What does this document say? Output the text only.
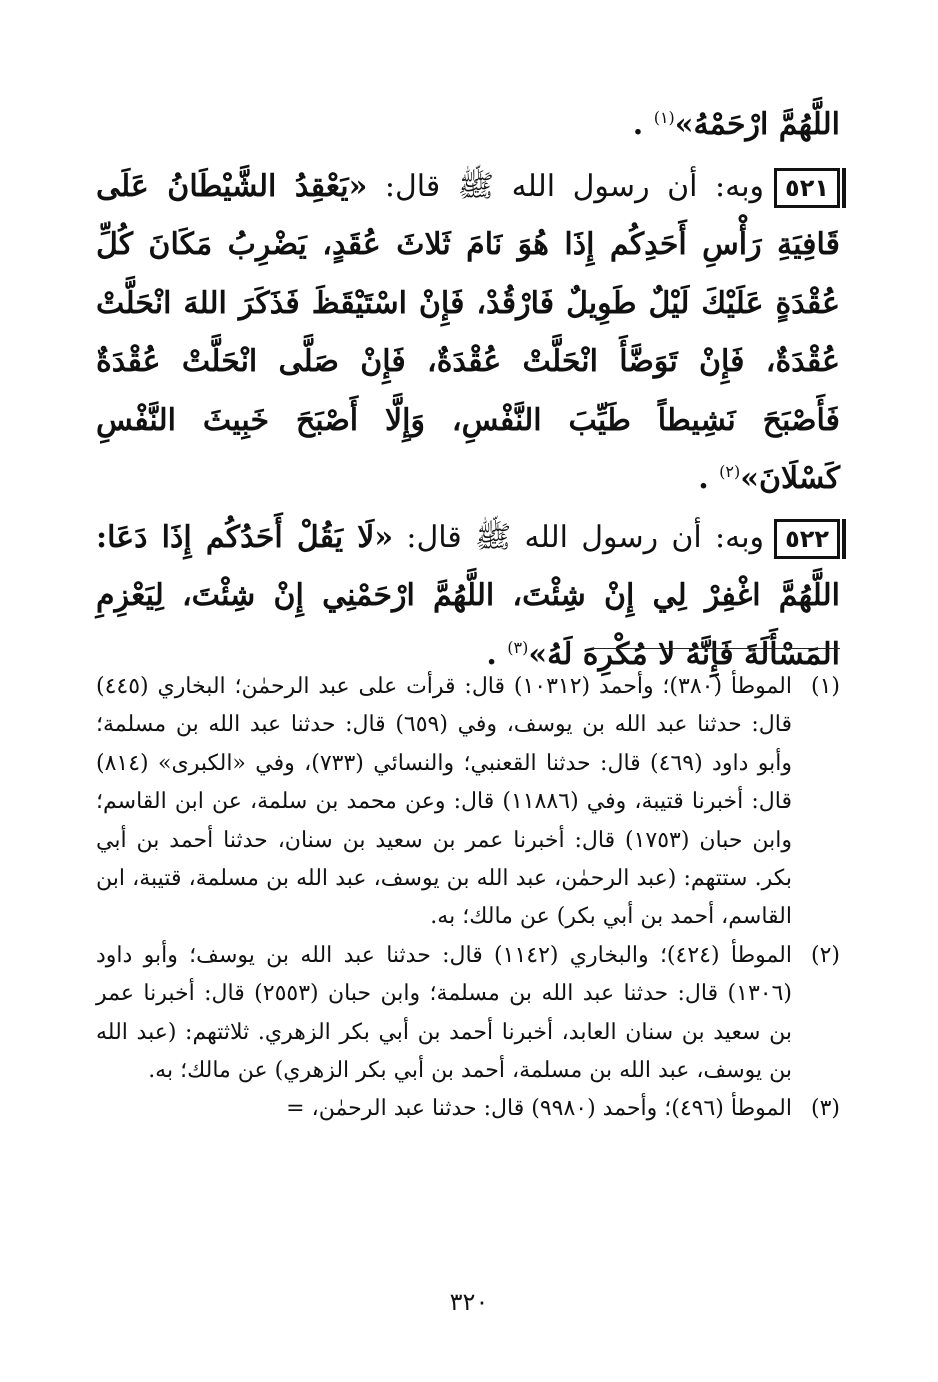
اللَّهُمَّ ارْحَمْهُ»$^{(١)}$ .

٥٢١وبه: أن رسول الله ﷺ قال: «يَعْقِدُ الشَّيْطَانُ عَلَى قَافِيَةِ رَأْسِ أَحَدِكُم إِذَا هُوَ نَامَ ثَلاثَ عُقَدٍ، يَضْرِبُ مَكَانَ كُلِّ عُقْدَةٍ عَلَيْكَ لَيْلٌ طَوِيلٌ فَارْقُدْ، فَإِنْ اسْتَيْقَظَ فَذَكَرَ اللهَ انْحَلَّتْ عُقْدَةٌ، فَإِنْ تَوَضَّأَ انْحَلَّتْ عُقْدَةٌ، فَإِنْ صَلَّى انْحَلَّتْ عُقْدَةٌ فَأَصْبَحَ نَشِيطاً طَيِّبَ النَّفْسِ، وَإِلَّا أَصْبَحَ خَبِيثَ النَّفْسِ كَسْلَانَ»$^{(٢)}$ .

٥٢٢وبه: أن رسول الله ﷺ قال: «لَا يَقُلْ أَحَدُكُم إِذَا دَعَا: اللَّهُمَّ اغْفِرْ لِي إِنْ شِئْتَ، اللَّهُمَّ ارْحَمْنِي إِنْ شِئْتَ، لِيَعْزِمِ المَسْأَلَةَ فَإِنَّهُ لا مُكْرِهَ لَهُ»$^{(٣)}$ .

(١)

الموطأ (٣٨٠)؛ وأحمد (١٠٣١٢) قال: قرأت على عبد الرحمٰن؛ البخاري (٤٤٥) قال: حدثنا عبد الله بن يوسف، وفي (٦٥٩) قال: حدثنا عبد الله بن مسلمة؛ وأبو داود (٤٦٩) قال: حدثنا القعنبي؛ والنسائي (٧٣٣)، وفي «الكبرى» (٨١٤) قال: أخبرنا قتيبة، وفي (١١٨٨٦) قال: وعن محمد بن سلمة، عن ابن القاسم؛ وابن حبان (١٧٥٣) قال: أخبرنا عمر بن سعيد بن سنان، حدثنا أحمد بن أبي بكر. ستتهم: (عبد الرحمٰن، عبد الله بن يوسف، عبد الله بن مسلمة، قتيبة، ابن القاسم، أحمد بن أبي بكر) عن مالك؛ به.

(٢)

الموطأ (٤٢٤)؛ والبخاري (١١٤٢) قال: حدثنا عبد الله بن يوسف؛ وأبو داود (١٣٠٦) قال: حدثنا عبد الله بن مسلمة؛ وابن حبان (٢٥٥٣) قال: أخبرنا عمر بن سعيد بن سنان العابد، أخبرنا أحمد بن أبي بكر الزهري. ثلاثتهم: (عبد الله بن يوسف، عبد الله بن مسلمة، أحمد بن أبي بكر الزهري) عن مالك؛ به.

(٣)

الموطأ (٤٩٦)؛ وأحمد (٩٩٨٠) قال: حدثنا عبد الرحمٰن، =

٣٢٠
